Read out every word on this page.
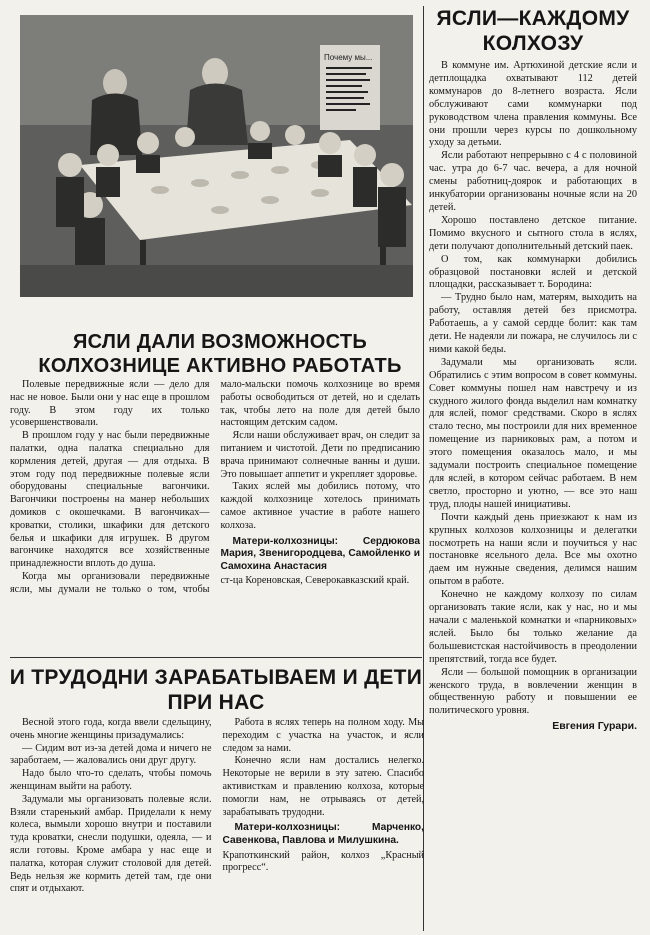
Почему мы...
ЯСЛИ—КАЖДОМУ КОЛХОЗУ

В коммуне им. Артюхиной детские ясли и детплощадка охватывают 112 детей коммунаров до 8-летнего возраста. Ясли обслуживают сами коммунарки под руководством члена правления коммуны. Все они прошли через курсы по дошкольному уходу за детьми.

Ясли работают непрерывно с 4 с половиной час. утра до 6-7 час. вечера, а для ночной смены работниц-доярок и работающих в инкубатории организованы ночные ясли на 20 детей.

Хорошо поставлено детское питание. Помимо вкусного и сытного стола в яслях, дети получают дополнительный детский паек.

О том, как коммунарки добились образцовой постановки яслей и детской площадки, рассказывает т. Бородина:

— Трудно было нам, матерям, выходить на работу, оставляя детей без присмотра. Работаешь, а у самой сердце болит: как там дети. Не надеяли ли пожара, не случилось ли с ними какой беды.

Задумали мы организовать ясли. Обратились с этим вопросом в совет коммуны. Совет коммуны пошел нам навстречу и из скудного жилого фонда выделил нам комнатку для яслей, помог средствами. Скоро в яслях стало тесно, мы построили для них временное помещение из парниковых рам, а потом и этого помещения оказалось мало, и мы задумали построить специальное помещение для яслей, в котором сейчас работаем. В нем светло, просторно и уютно, — все это наш труд, плоды нашей инициативы.

Почти каждый день приезжают к нам из крупных колхозов колхозницы и делегатки посмотреть на наши ясли и поучиться у нас постановке ясельного дела. Все мы охотно даем им нужные сведения, делимся нашим опытом в работе.

Конечно не каждому колхозу по силам организовать такие ясли, как у нас, но и мы начали с маленькой комнатки и «парниковых» яслей. Было бы только желание да большевистская настойчивость в преодолении препятствий, тогда все будет.

Ясли — большой помощник в организации женского труда, в вовлечении женщин в общественную работу и повышении ее политического уровня.

Евгения Гурари.
ЯСЛИ ДАЛИ ВОЗМОЖНОСТЬ КОЛХОЗНИЦЕ АКТИВНО РАБОТАТЬ

Полевые передвижные ясли — дело для нас не новое. Были они у нас еще в прошлом году. В этом году их только усовершенствовали.

В прошлом году у нас были передвижные палатки, одна палатка специально для кормления детей, другая — для отдыха. В этом году под передвижные полевые ясли оборудованы специальные вагончики. Вагончики построены на манер небольших домиков с окошечками. В вагончиках—кроватки, столики, шкафики для детского белья и шкафики для игрушек. В другом вагончике находятся все хозяйственные принадлежности вплоть до душа.

Когда мы организовали передвижные ясли, мы думали не только о том, чтобы мало-мальски помочь колхознице во время работы освободиться от детей, но и сделать так, чтобы лето на поле для детей было настоящим детским садом.

Ясли наши обслуживает врач, он следит за питанием и чистотой. Дети по предписанию врача принимают солнечные ванны и души. Это повышает аппетит и укрепляет здоровье.

Таких яслей мы добились потому, что каждой колхознице хотелось принимать самое активное участие в работе нашего колхоза.

Матери-колхозницы: Сердюкова Мария, Звенигородцева, Самойленко и Самохина Анастасия

ст-ца Кореновская, Северокавказский край.

И ТРУДОДНИ ЗАРАБАТЫВАЕМ И ДЕТИ ПРИ НАС

Весной этого года, когда ввели сдельщину, очень многие женщины призадумались:

— Сидим вот из-за детей дома и ничего не заработаем, — жаловались они друг другу.

Надо было что-то сделать, чтобы помочь женщинам выйти на работу.

Задумали мы организовать полевые ясли. Взяли старенький амбар. Приделали к нему колеса, вымыли хорошо внутри и поставили туда кроватки, снесли подушки, одеяла, — и ясли готовы. Кроме амбара у нас еще и палатка, которая служит столовой для детей. Ведь нельзя же кормить детей там, где они спят и отдыхают.

Работа в яслях теперь на полном ходу. Мы переходим с участка на участок, и ясли следом за нами.

Конечно ясли нам достались нелегко. Некоторые не верили в эту затею. Спасибо активисткам и правлению колхоза, которые помогли нам, не отрываясь от детей, зарабатывать трудодни.

Матери-колхозницы: Марченко, Савенкова, Павлова и Милушкина.

Крапоткинский район, колхоз „Красный прогресс“.
